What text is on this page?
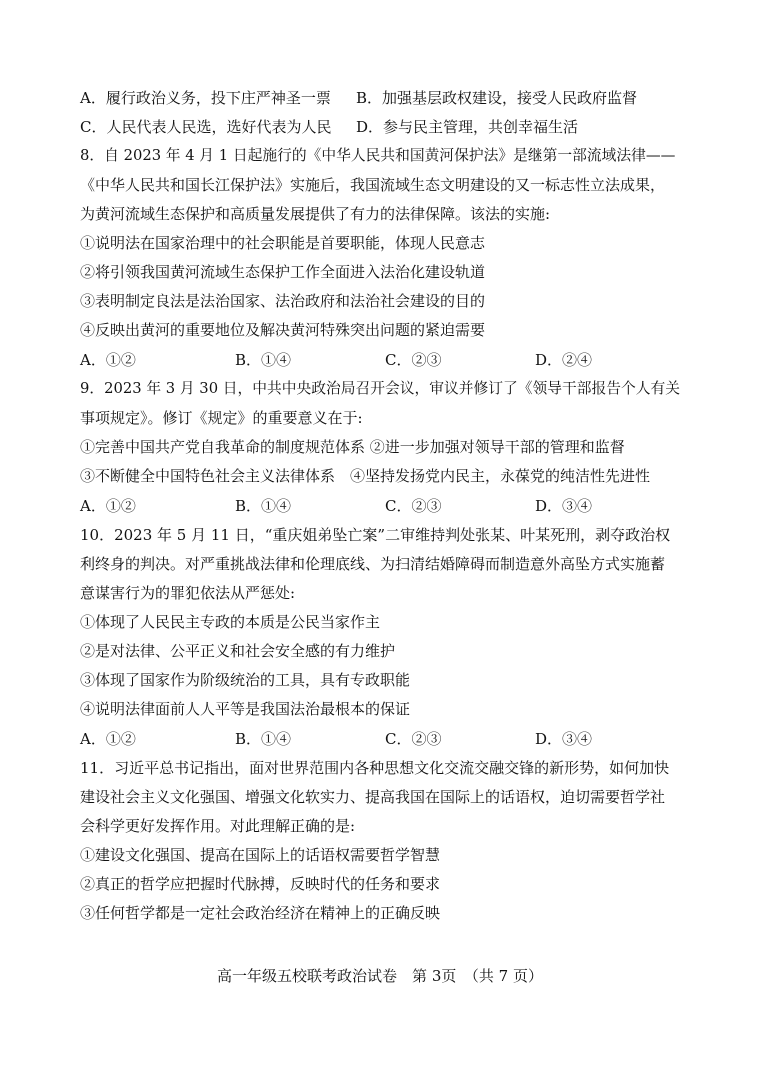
A．履行政治义务，投下庄严神圣一票 B．加强基层政权建设，接受人民政府监督
C．人民代表人民选，选好代表为人民 D．参与民主管理，共创幸福生活
8．自 2023 年 4 月 1 日起施行的《中华人民共和国黄河保护法》是继第一部流域法律——
《中华人民共和国长江保护法》实施后，我国流域生态文明建设的又一标志性立法成果，
为黄河流域生态保护和高质量发展提供了有力的法律保障。该法的实施:
①说明法在国家治理中的社会职能是首要职能，体现人民意志
②将引领我国黄河流域生态保护工作全面进入法治化建设轨道
③表明制定良法是法治国家、法治政府和法治社会建设的目的
④反映出黄河的重要地位及解决黄河特殊突出问题的紧迫需要
A．①②	B．①④	C．②③	D．②④
9．2023 年 3 月 30 日，中共中央政治局召开会议，审议并修订了《领导干部报告个人有关
事项规定》。修订《规定》的重要意义在于:
①完善中国共产党自我革命的制度规范体系 ②进一步加强对领导干部的管理和监督
③不断健全中国特色社会主义法律体系　④坚持发扬党内民主，永葆党的纯洁性先进性
A．①②	B．①④	C．②③	D．③④
10．2023 年 5 月 11 日，“重庆姐弟坠亡案”二审维持判处张某、叶某死刑，剥夺政治权
利终身的判决。对严重挑战法律和伦理底线、为扫清结婚障碍而制造意外高坠方式实施蓄
意谋害行为的罪犯依法从严惩处:
①体现了人民民主专政的本质是公民当家作主
②是对法律、公平正义和社会安全感的有力维护
③体现了国家作为阶级统治的工具，具有专政职能
④说明法律面前人人平等是我国法治最根本的保证
A．①②	B．①④	C．②③	D．③④
11．习近平总书记指出，面对世界范围内各种思想文化交流交融交锋的新形势，如何加快
建设社会主义文化强国、增强文化软实力、提高我国在国际上的话语权，迫切需要哲学社
会科学更好发挥作用。对此理解正确的是:
①建设文化强国、提高在国际上的话语权需要哲学智慧
②真正的哲学应把握时代脉搏，反映时代的任务和要求
③任何哲学都是一定社会政治经济在精神上的正确反映
高一年级五校联考政治试卷　第 3页　（共 7 页）
